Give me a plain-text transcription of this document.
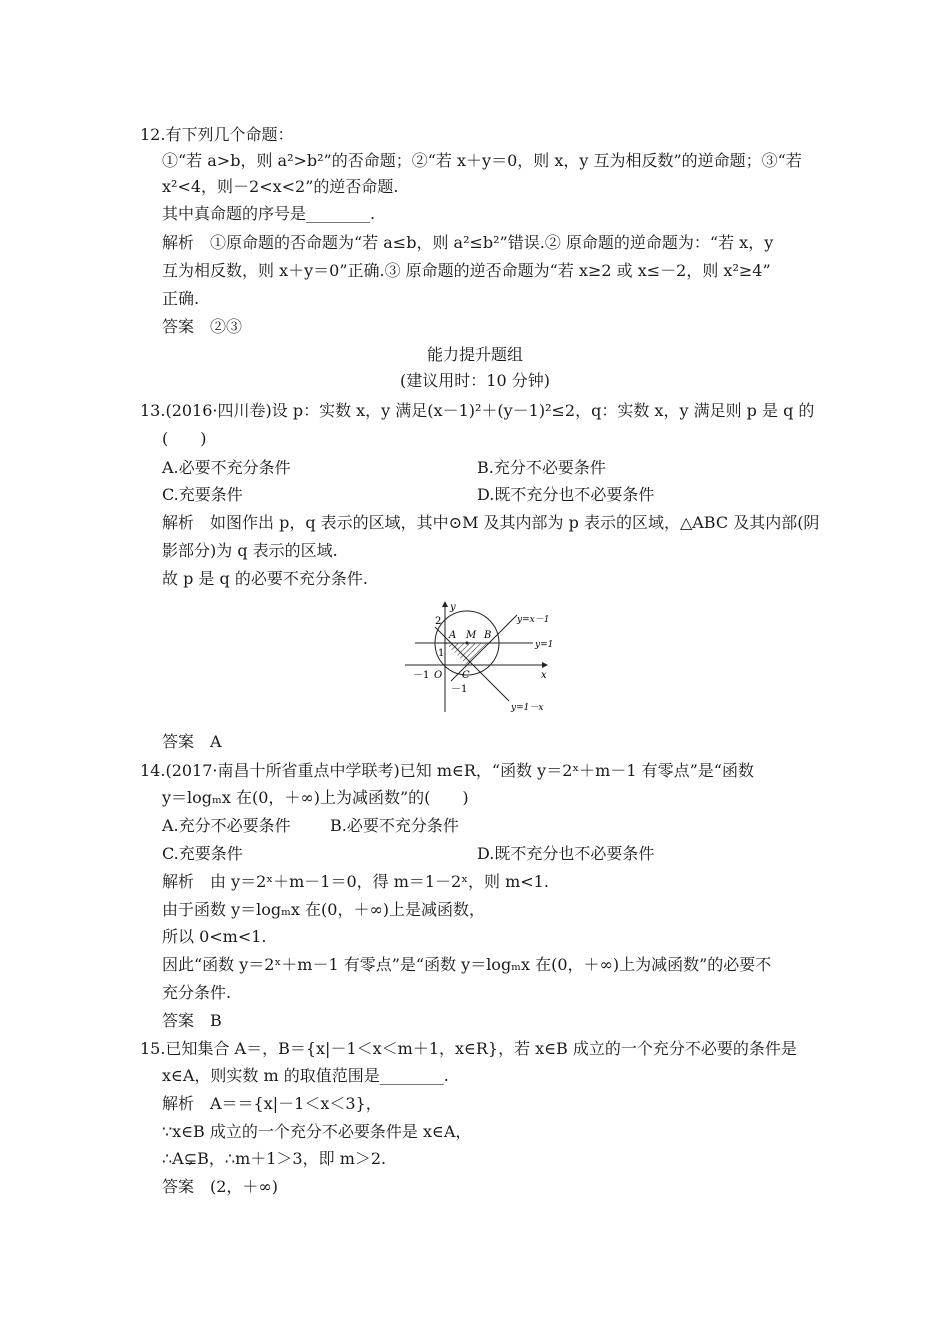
12.有下列几个命题：
①“若 a>b，则 a²>b²”的否命题；②“若 x＋y＝0，则 x，y 互为相反数”的逆命题；③“若
x²<4，则－2<x<2”的逆否命题.
其中真命题的序号是________.
解析　①原命题的否命题为“若 a≤b，则 a²≤b²”错误.② 原命题的逆命题为：“若 x，y
互为相反数，则 x＋y＝0”正确.③ 原命题的逆否命题为“若 x≥2 或 x≤－2，则 x²≥4”
正确.
答案　②③
能力提升题组
(建议用时：10 分钟)
13.(2016·四川卷)设 p：实数 x，y 满足(x－1)²＋(y－1)²≤2，q：实数 x，y 满足则 p 是 q 的
(　　)
A.必要不充分条件	B.充分不必要条件
C.充要条件	D.既不充分也不必要条件
解析　如图作出 p，q 表示的区域，其中⊙M 及其内部为 p 表示的区域，△ABC 及其内部(阴
影部分)为 q 表示的区域.
故 p 是 q 的必要不充分条件.
y
x
O
2
1
－1
－1
A M B
C
y=x－1
y=1
y=1－x
答案　A
14.(2017·南昌十所省重点中学联考)已知 m∈R，“函数 y＝2ˣ＋m－1 有零点”是“函数
y＝logₘx 在(0，＋∞)上为减函数”的(　　)
A.充分不必要条件 B.必要不充分条件
C.充要条件	D.既不充分也不必要条件
解析　由 y＝2ˣ＋m－1＝0，得 m＝1－2ˣ，则 m<1.
由于函数 y＝logₘx 在(0，＋∞)上是减函数，
所以 0<m<1.
因此“函数 y＝2ˣ＋m－1 有零点”是“函数 y＝logₘx 在(0，＋∞)上为减函数”的必要不
充分条件.
答案　B
15.已知集合 A＝，B＝{x|－1＜x＜m＋1，x∈R}，若 x∈B 成立的一个充分不必要的条件是
x∈A，则实数 m 的取值范围是________.
解析　A＝＝{x|－1＜x＜3}，
∵x∈B 成立的一个充分不必要条件是 x∈A，
∴A⊊B，∴m＋1＞3，即 m＞2.
答案　(2，＋∞)
